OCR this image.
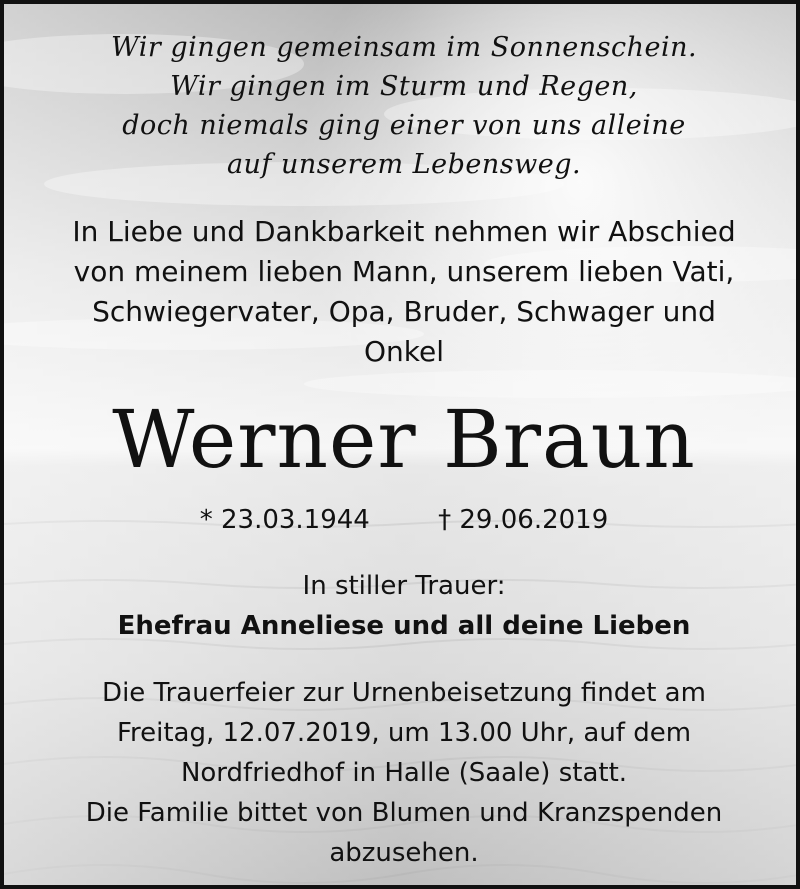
Wir gingen gemeinsam im Sonnenschein.
Wir gingen im Sturm und Regen,
doch niemals ging einer von uns alleine
auf unserem Lebensweg.
In Liebe und Dankbarkeit nehmen wir Abschied
von meinem lieben Mann, unserem lieben Vati,
Schwiegervater, Opa, Bruder, Schwager und
Onkel
Werner Braun
* 23.03.1944	† 29.06.2019
In stiller Trauer:
Ehefrau Anneliese und all deine Lieben
Die Trauerfeier zur Urnenbeisetzung findet am
Freitag, 12.07.2019, um 13.00 Uhr, auf dem
Nordfriedhof in Halle (Saale) statt.
Die Familie bittet von Blumen und Kranzspenden
abzusehen.
